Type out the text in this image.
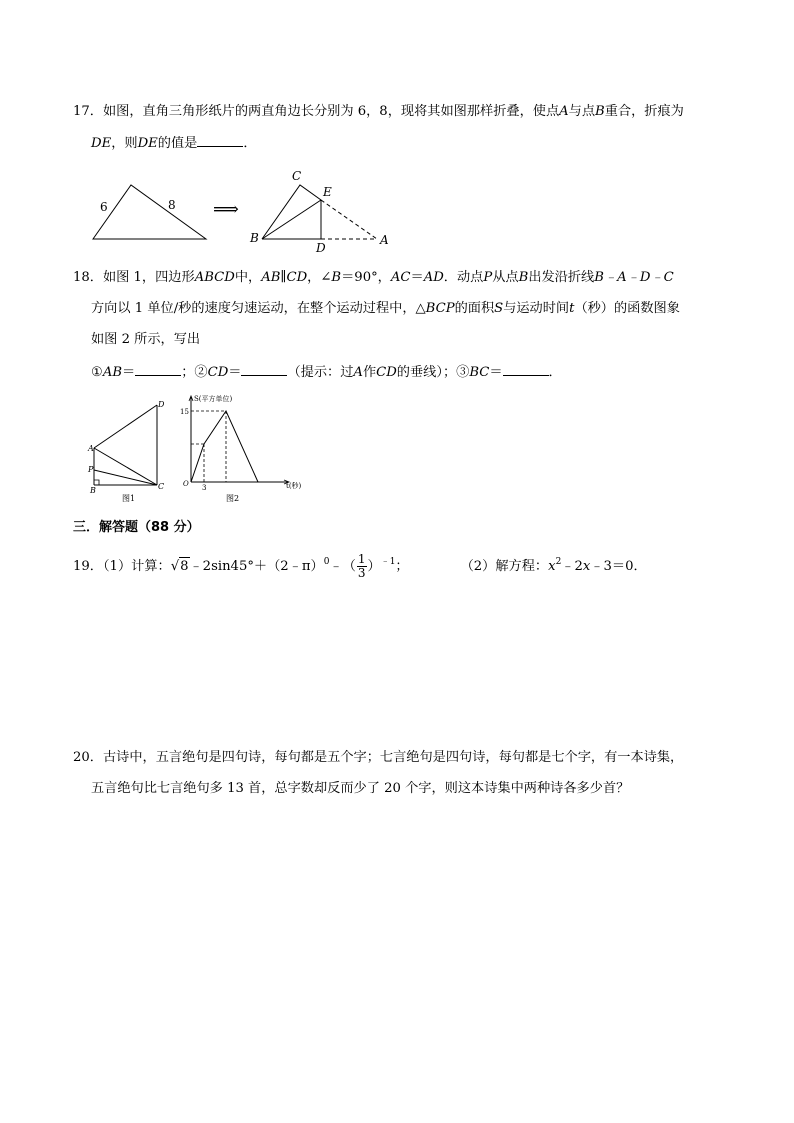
17．如图，直角三角形纸片的两直角边长分别为 6，8，现将其如图那样折叠，使点A与点B重合，折痕为
DE，则DE的值是	．
6	8 ⟹
C
E
B
D
A
18．如图 1，四边形ABCD中，AB∥CD，∠B＝90°，AC＝AD．动点P从点B出发沿折线B﹣A﹣D﹣C
方向以 1 单位/秒的速度匀速运动，在整个运动过程中，△BCP的面积S与运动时间t（秒）的函数图象
如图 2 所示，写出
①AB＝	；②CD＝	（提示：过A作CD的垂线）；③BC＝	．
D
A
P
B	C
图1
S(平方单位)
15
O 3	t(秒)
图2
三．解答题（88 分）
19．（1）计算：√8﹣2sin45°＋（2﹣π）$^0$﹣（ $\frac{1}{3} )^{﹣1}$；	（2）解方程：$x^2﹣2x﹣3=0$．
20．古诗中，五言绝句是四句诗，每句都是五个字；七言绝句是四句诗，每句都是七个字，有一本诗集，
五言绝句比七言绝句多 13 首，总字数却反而少了 20 个字，则这本诗集中两种诗各多少首？
